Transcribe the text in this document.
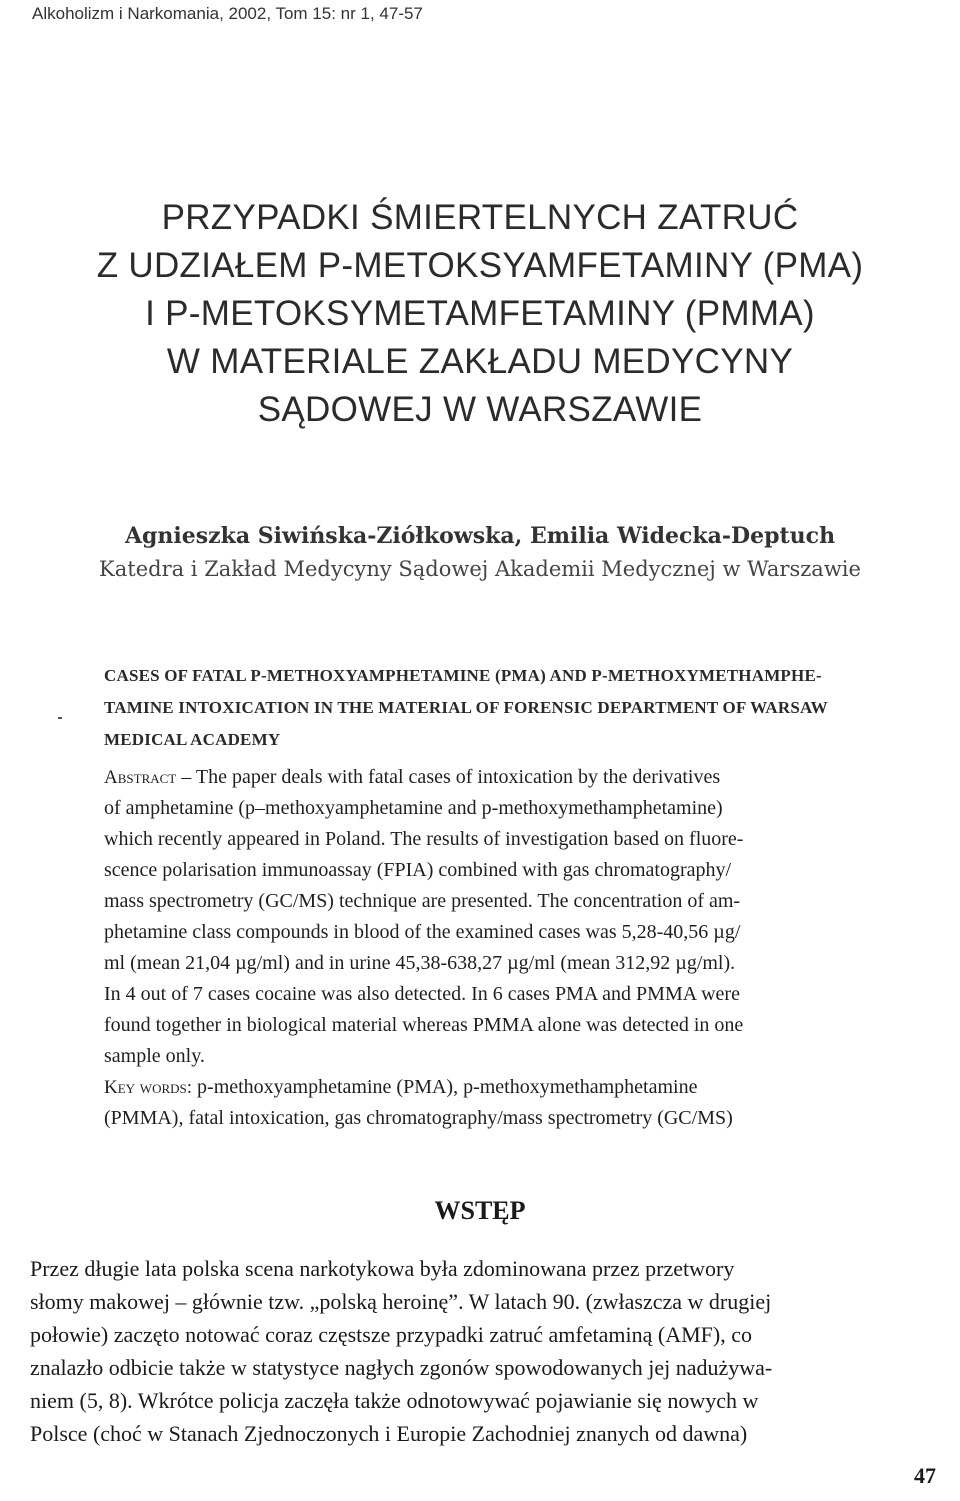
Alkoholizm i Narkomania, 2002, Tom 15: nr 1, 47-57
PRZYPADKI ŚMIERTELNYCH ZATRUĆ
Z UDZIAŁEM P-METOKSYAMFETAMINY (PMA)
I P-METOKSYMETAMFETAMINY (PMMA)
W MATERIALE ZAKŁADU MEDYCYNY
SĄDOWEJ W WARSZAWIE
Agnieszka Siwińska-Ziółkowska, Emilia Widecka-Deptuch
Katedra i Zakład Medycyny Sądowej Akademii Medycznej w Warszawie
CASES OF FATAL P-METHOXYAMPHETAMINE (PMA) AND P-METHOXYMETHAMPHE-
TAMINE INTOXICATION IN THE MATERIAL OF FORENSIC DEPARTMENT OF WARSAW
MEDICAL ACADEMY
Abstract – The paper deals with fatal cases of intoxication by the derivatives
of amphetamine (p–methoxyamphetamine and p-methoxymethamphetamine)
which recently appeared in Poland. The results of investigation based on fluore-
scence polarisation immunoassay (FPIA) combined with gas chromatography/
mass spectrometry (GC/MS) technique are presented. The concentration of am-
phetamine class compounds in blood of the examined cases was 5,28-40,56 µg/
ml (mean 21,04 µg/ml) and in urine 45,38-638,27 µg/ml (mean 312,92 µg/ml).
In 4 out of 7 cases cocaine was also detected. In 6 cases PMA and PMMA were
found together in biological material whereas PMMA alone was detected in one
sample only.
Key words: p-methoxyamphetamine (PMA), p-methoxymethamphetamine
(PMMA), fatal intoxication, gas chromatography/mass spectrometry (GC/MS)
WSTĘP
Przez długie lata polska scena narkotykowa była zdominowana przez przetwory
słomy makowej – głównie tzw. „polską heroinę”. W latach 90. (zwłaszcza w drugiej
połowie) zaczęto notować coraz częstsze przypadki zatruć amfetaminą (AMF), co
znalazło odbicie także w statystyce nagłych zgonów spowodowanych jej nadużywa-
niem (5, 8). Wkrótce policja zaczęła także odnotowywać pojawianie się nowych w
Polsce (choć w Stanach Zjednoczonych i Europie Zachodniej znanych od dawna)
47
